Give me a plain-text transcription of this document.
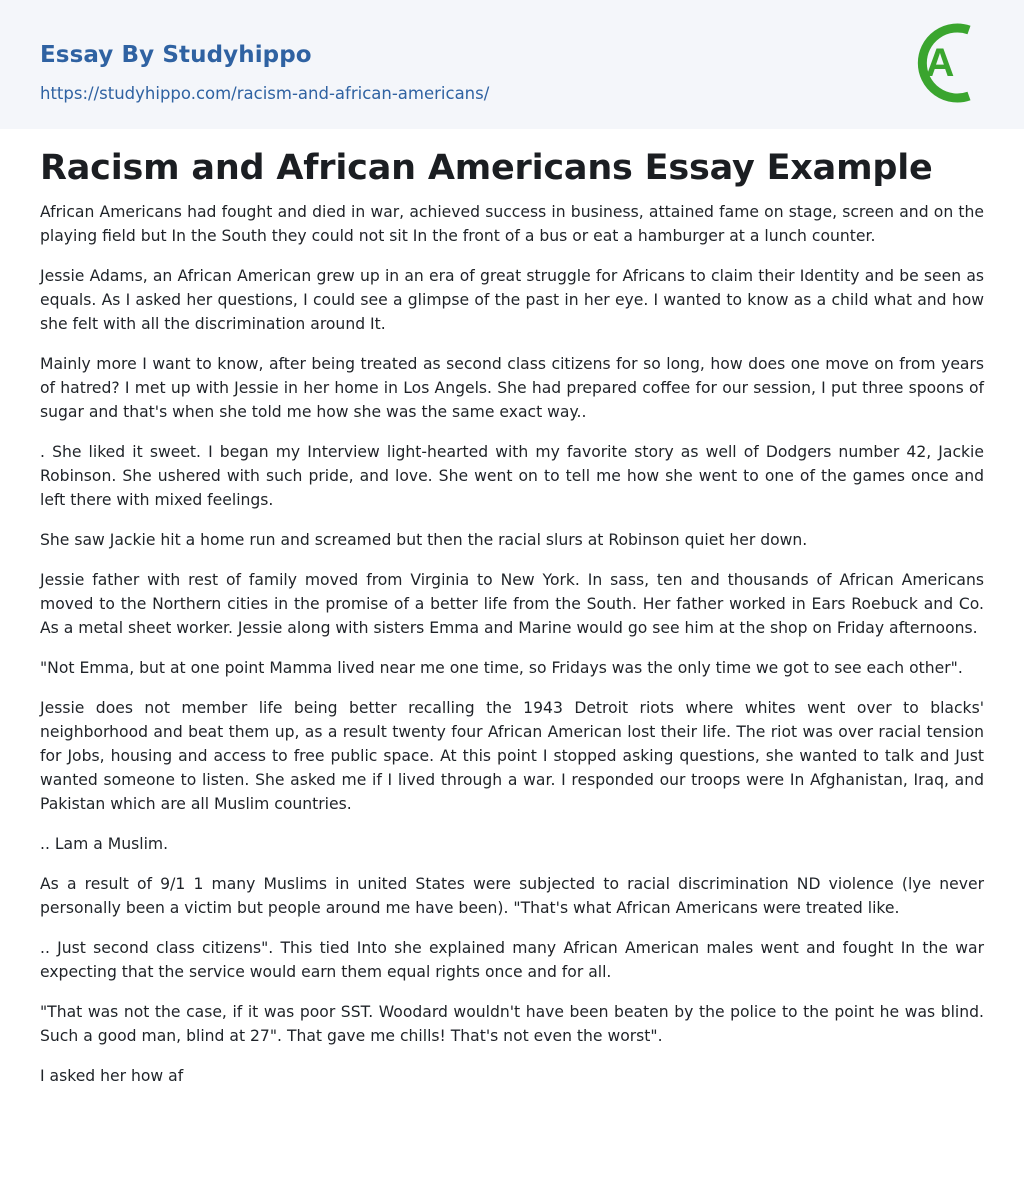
Essay By Studyhippo
https://studyhippo.com/racism-and-african-americans/
A
Racism and African Americans Essay Example

African Americans had fought and died in war, achieved success in business, attained fame on stage, screen and on the playing field but In the South they could not sit In the front of a bus or eat a hamburger at a lunch counter.

Jessie Adams, an African American grew up in an era of great struggle for Africans to claim their Identity and be seen as equals. As I asked her questions, I could see a glimpse of the past in her eye. I wanted to know as a child what and how she felt with all the discrimination around It.

Mainly more I want to know, after being treated as second class citizens for so long, how does one move on from years of hatred? I met up with Jessie in her home in Los Angels. She had prepared coffee for our session, I put three spoons of sugar and that's when she told me how she was the same exact way..

. She liked it sweet. I began my Interview light-hearted with my favorite story as well of Dodgers number 42, Jackie Robinson. She ushered with such pride, and love. She went on to tell me how she went to one of the games once and left there with mixed feelings.

She saw Jackie hit a home run and screamed but then the racial slurs at Robinson quiet her down.

Jessie father with rest of family moved from Virginia to New York. In sass, ten and thousands of African Americans moved to the Northern cities in the promise of a better life from the South. Her father worked in Ears Roebuck and Co. As a metal sheet worker. Jessie along with sisters Emma and Marine would go see him at the shop on Friday afternoons.

"Not Emma, but at one point Mamma lived near me one time, so Fridays was the only time we got to see each other".

Jessie does not member life being better recalling the 1943 Detroit riots where whites went over to blacks' neighborhood and beat them up, as a result twenty four African American lost their life. The riot was over racial tension for Jobs, housing and access to free public space. At this point I stopped asking questions, she wanted to talk and Just wanted someone to listen. She asked me if I lived through a war. I responded our troops were In Afghanistan, Iraq, and Pakistan which are all Muslim countries.

.. Lam a Muslim.

As a result of 9/1 1 many Muslims in united States were subjected to racial discrimination ND violence (lye never personally been a victim but people around me have been). "That's what African Americans were treated like.

.. Just second class citizens". This tied Into she explained many African American males went and fought In the war expecting that the service would earn them equal rights once and for all.

"That was not the case, if it was poor SST. Woodard wouldn't have been beaten by the police to the point he was blind. Such a good man, blind at 27". That gave me chills! That's not even the worst".

I asked her how af
